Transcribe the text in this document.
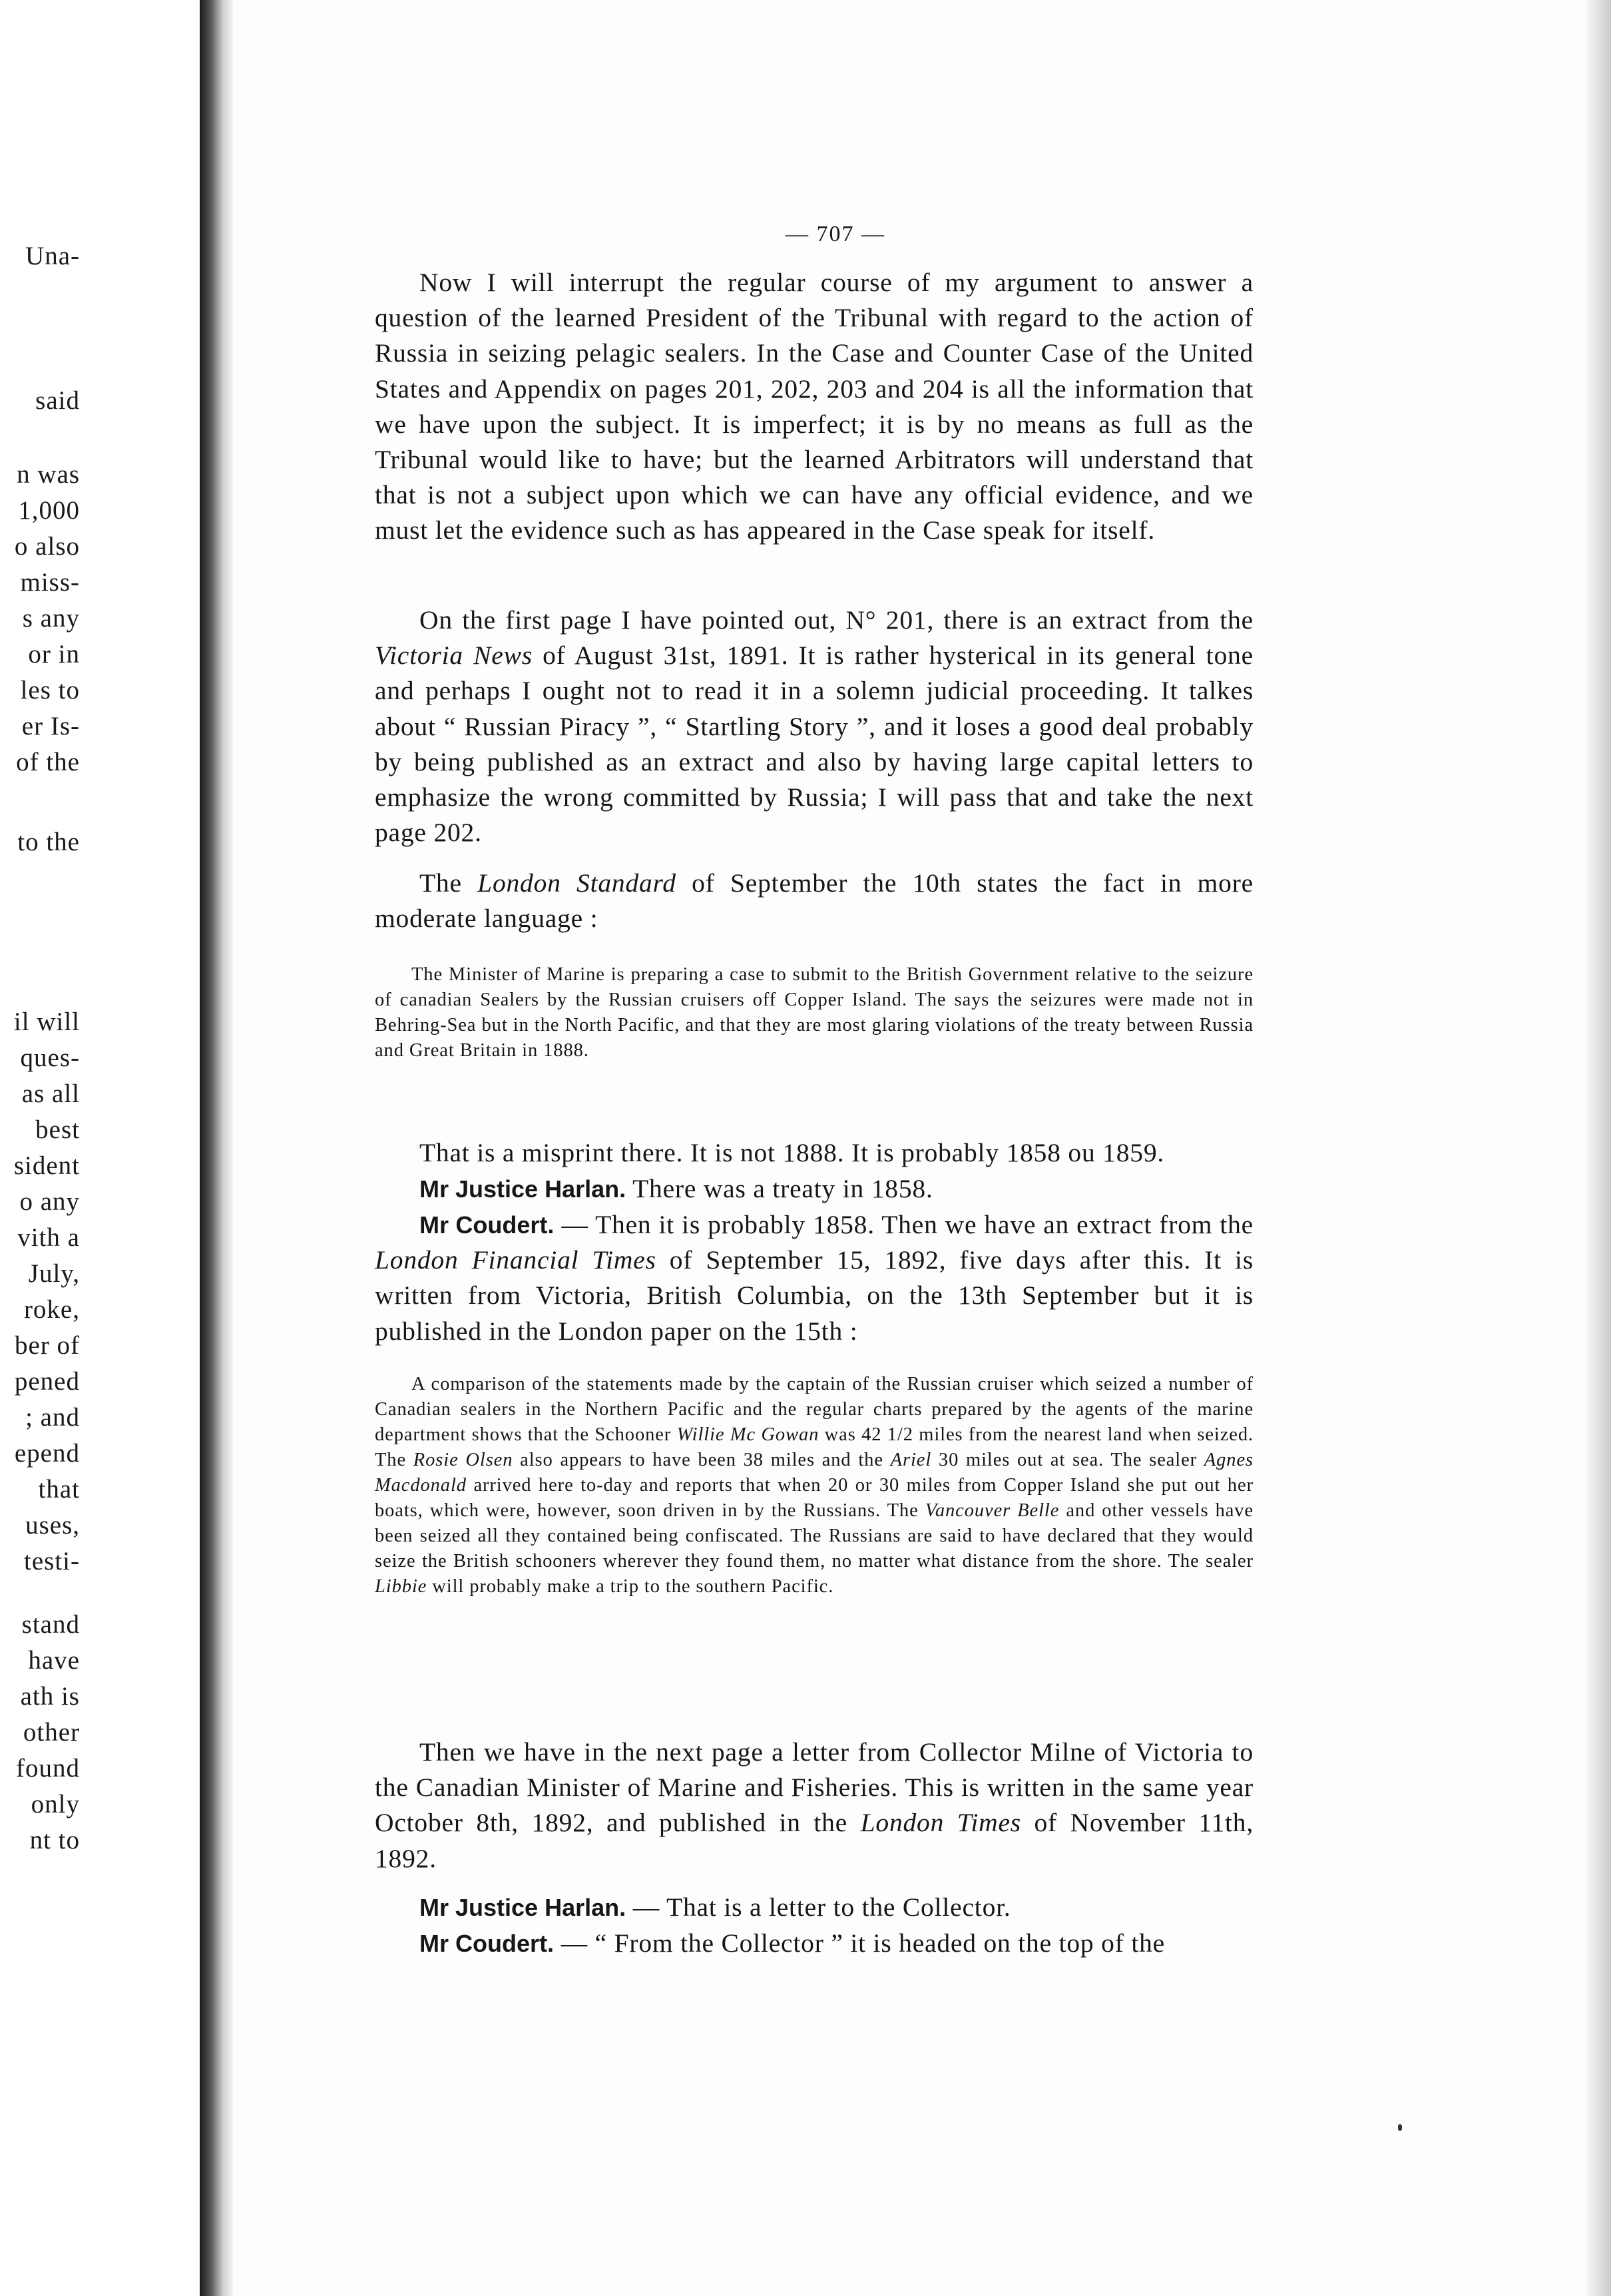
Una-
said
n was
1,000
o also
miss-
s any
or in
les to
er Is-
of the
to the
il will
ques-
as all
best
sident
o any
vith a
July,
roke,
ber of
pened
; and
epend
that
uses,
testi-
stand
have
ath is
other
found
only
nt to
— 707 —

Now I will interrupt the regular course of my argument to answer a question of the learned President of the Tribunal with regard to the action of Russia in seizing pelagic sealers. In the Case and Counter Case of the United States and Appendix on pages 201, 202, 203 and 204 is all the information that we have upon the subject. It is imperfect; it is by no means as full as the Tribunal would like to have; but the learned Arbitrators will understand that that is not a subject upon which we can have any official evidence, and we must let the evidence such as has appeared in the Case speak for itself.

On the first page I have pointed out, N° 201, there is an extract from the Victoria News of August 31st, 1891. It is rather hysterical in its general tone and perhaps I ought not to read it in a solemn judicial proceeding. It talkes about “ Russian Piracy ”, “ Startling Story ”, and it loses a good deal probably by being published as an extract and also by having large capital letters to emphasize the wrong committed by Russia; I will pass that and take the next page 202.

The London Standard of September the 10th states the fact in more moderate language :

The Minister of Marine is preparing a case to submit to the British Government relative to the seizure of canadian Sealers by the Russian cruisers off Copper Island. The says the seizures were made not in Behring-Sea but in the North Pacific, and that they are most glaring violations of the treaty between Russia and Great Britain in 1888.

That is a misprint there. It is not 1888. It is probably 1858 ou 1859.

Mr Justice Harlan. There was a treaty in 1858.

Mr Coudert. — Then it is probably 1858. Then we have an extract from the London Financial Times of September 15, 1892, five days after this. It is written from Victoria, British Columbia, on the 13th September but it is published in the London paper on the 15th :

A comparison of the statements made by the captain of the Russian cruiser which seized a number of Canadian sealers in the Northern Pacific and the regular charts prepared by the agents of the marine department shows that the Schooner Willie Mc Gowan was 42 1/2 miles from the nearest land when seized. The Rosie Olsen also appears to have been 38 miles and the Ariel 30 miles out at sea. The sealer Agnes Macdonald arrived here to-day and reports that when 20 or 30 miles from Copper Island she put out her boats, which were, however, soon driven in by the Russians. The Vancouver Belle and other vessels have been seized all they contained being confiscated. The Russians are said to have declared that they would seize the British schooners wherever they found them, no matter what distance from the shore. The sealer Libbie will probably make a trip to the southern Pacific.

Then we have in the next page a letter from Collector Milne of Victoria to the Canadian Minister of Marine and Fisheries. This is written in the same year October 8th, 1892, and published in the London Times of November 11th, 1892.

Mr Justice Harlan. — That is a letter to the Collector.

Mr Coudert. — “ From the Collector ” it is headed on the top of the
